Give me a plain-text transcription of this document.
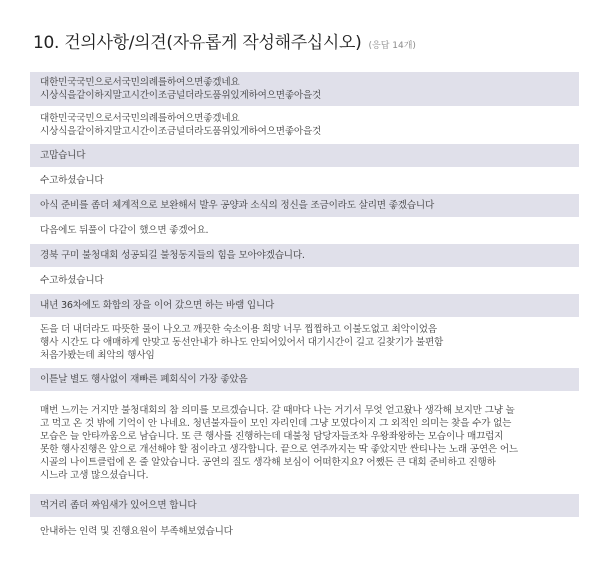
10. 건의사항/의견(자유롭게 작성해주십시오) (응답 14개)
대한민국국민으로서국민의례를하여으면좋겠네요
시상식을같이하지말고시간이조금널더라도품위있게하여으면좋아을것
대한민국국민으로서국민의례를하여으면좋겠네요
시상식을같이하지말고시간이조금널더라도품위있게하여으면좋아을것
고맙습니다
수고하셨습니다
아식 준비를 좀더 체계적으로 보완해서 발우 공양과 소식의 정신을 조금이라도 살리면 좋겠습니다
다음에도 뒤풀이 다같이 했으면 좋겠어요.
경북 구미 불청대회 성공되길 불청동지들의 힘을 모아야겠습니다.
수고하셨습니다
내년 36차에도 화합의 장을 이어 갔으면 하는 바램 입니다
돈을 더 내더라도 따뜻한 물이 나오고 깨끗한 숙소이용 희망 너무 찝찝하고 이불도없고 최악이었음
행사 시간도 다 애매하게 안맞고 동선안내가 하나도 안되어있어서 대기시간이 길고 길찾기가 불편함
처음가봤는데 최악의 행사임
이튿날 별도 행사없이 재빠른 폐회식이 가장 좋았음
매번 느끼는 거지만 불청대회의 참 의미를 모르겠습니다. 갈 때마다 나는 거기서 무엇 얻고왔나 생각해 보지만 그냥 놀
고 먹고 온 것 밖에 기억이 안 나네요. 청년불자들이 모인 자리인데 그냥 모였다이지 그 외적인 의미는 찾을 수가 없는
모습은 늘 안타까움으로 남습니다. 또 큰 행사를 진행하는데 대불청 담당자들조차 우왕좌왕하는 모습이나 매끄럽지
못한 행사진행은 앞으로 개선해야 할 점이라고 생각합니다. 끝으로 연주까지는 딱 좋았지만 싼티나는 노래 공연은 어느
시골의 나이트클럽에 온 줄 알았습니다. 공연의 질도 생각해 보심이 어떠한지요? 어쨌든 큰 대회 준비하고 진행하
시느라 고생 많으셨습니다.
먹거리 좀더 짜임새가 있어으면 합니다
안내하는 인력 및 진행요원이 부족해보였습니다
